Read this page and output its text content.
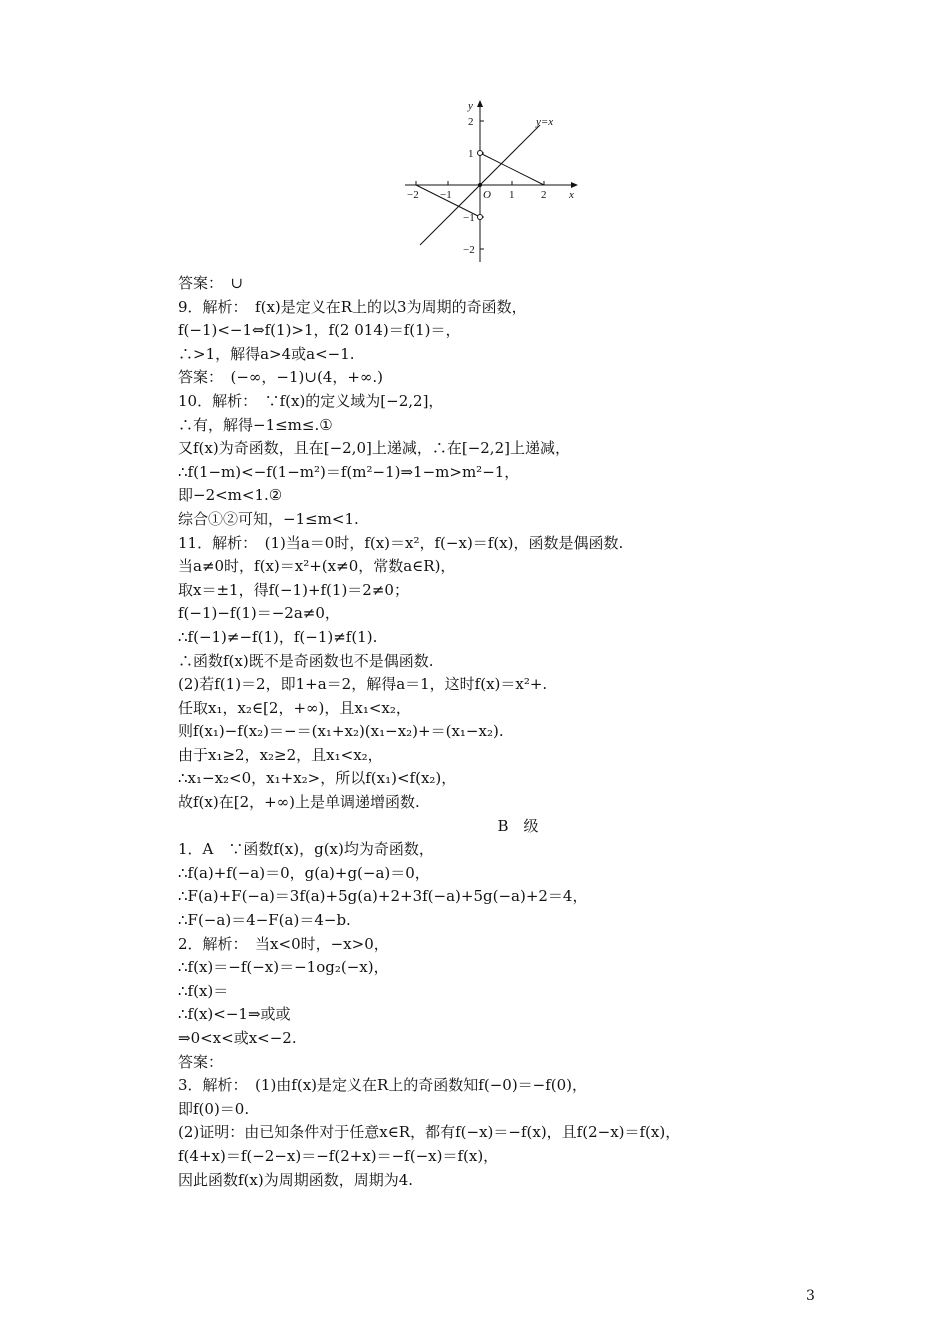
y=x
x
y
O
−2 −1	1 2
2
1
−1
−2
答案：　∪
9．解析：　f(x)是定义在R上的以3为周期的奇函数，
f(−1)<−1⇔f(1)>1，f(2 014)＝f(1)＝，
∴>1，解得a>4或a<−1.
答案：　(−∞，−1)∪(4，+∞.)
10．解析：　∵f(x)的定义域为[−2,2]，
∴有，解得−1≤m≤.①
又f(x)为奇函数，且在[−2,0]上递减，∴在[−2,2]上递减，
∴f(1−m)<−f(1−m²)＝f(m²−1)⇒1−m>m²−1，
即−2<m<1.②
综合①②可知，−1≤m<1.
11．解析：　(1)当a＝0时，f(x)＝x²，f(−x)＝f(x)，函数是偶函数.
当a≠0时，f(x)＝x²+(x≠0，常数a∈R)，
取x＝±1，得f(−1)+f(1)＝2≠0；
f(−1)−f(1)＝−2a≠0，
∴f(−1)≠−f(1)，f(−1)≠f(1).
∴函数f(x)既不是奇函数也不是偶函数.
(2)若f(1)＝2，即1+a＝2，解得a＝1，这时f(x)＝x²+.
任取x₁，x₂∈[2，+∞)，且x₁<x₂，
则f(x₁)−f(x₂)＝−＝(x₁+x₂)(x₁−x₂)+＝(x₁−x₂).
由于x₁≥2，x₂≥2，且x₁<x₂，
∴x₁−x₂<0，x₁+x₂>，所以f(x₁)<f(x₂)，
故f(x)在[2，+∞)上是单调递增函数.
B　级
1．A　∵函数f(x)，g(x)均为奇函数，
∴f(a)+f(−a)＝0，g(a)+g(−a)＝0，
∴F(a)+F(−a)＝3f(a)+5g(a)+2+3f(−a)+5g(−a)+2＝4，
∴F(−a)＝4−F(a)＝4−b.
2．解析：　当x<0时，−x>0，
∴f(x)＝−f(−x)＝−1og₂(−x)，
∴f(x)＝
∴f(x)<−1⇒或或
⇒0<x<或x<−2.
答案：
3．解析：　(1)由f(x)是定义在R上的奇函数知f(−0)＝−f(0)，
即f(0)＝0.
(2)证明：由已知条件对于任意x∈R，都有f(−x)＝−f(x)，且f(2−x)＝f(x)，
f(4+x)＝f(−2−x)＝−f(2+x)＝−f(−x)＝f(x)，
因此函数f(x)为周期函数，周期为4.
3
